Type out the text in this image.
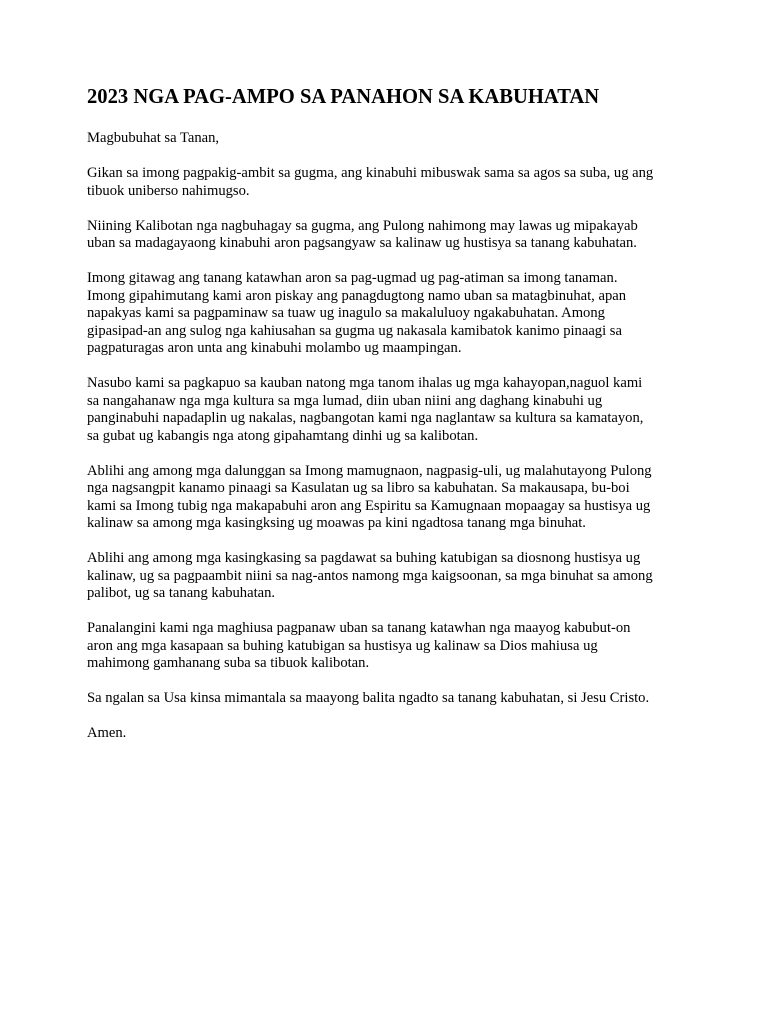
2023 NGA PAG-AMPO SA PANAHON SA KABUHATAN

Magbubuhat sa Tanan,

Gikan sa imong pagpakig-ambit sa gugma, ang kinabuhi mibuswak sama sa agos sa suba, ug ang
tibuok uniberso nahimugso.

Niining Kalibotan nga nagbuhagay sa gugma, ang Pulong nahimong may lawas ug mipakayab
uban sa madagayaong kinabuhi aron pagsangyaw sa kalinaw ug hustisya sa tanang kabuhatan.

Imong gitawag ang tanang katawhan aron sa pag-ugmad ug pag-atiman sa imong tanaman.
Imong gipahimutang kami aron piskay ang panagdugtong namo uban sa matagbinuhat, apan
napakyas kami sa pagpaminaw sa tuaw ug inagulo sa makaluluoy ngakabuhatan. Among
gipasipad-an ang sulog nga kahiusahan sa gugma ug nakasala kamibatok kanimo pinaagi sa
pagpaturagas aron unta ang kinabuhi molambo ug maampingan.

Nasubo kami sa pagkapuo sa kauban natong mga tanom ihalas ug mga kahayopan,naguol kami
sa nangahanaw nga mga kultura sa mga lumad, diin uban niini ang daghang kinabuhi ug
panginabuhi napadaplin ug nakalas, nagbangotan kami nga naglantaw sa kultura sa kamatayon,
sa gubat ug kabangis nga atong gipahamtang dinhi ug sa kalibotan.

Ablihi ang among mga dalunggan sa Imong mamugnaon, nagpasig-uli, ug malahutayong Pulong
nga nagsangpit kanamo pinaagi sa Kasulatan ug sa libro sa kabuhatan. Sa makausapa, bu-boi
kami sa Imong tubig nga makapabuhi aron ang Espiritu sa Kamugnaan mopaagay sa hustisya ug
kalinaw sa among mga kasingksing ug moawas pa kini ngadtosa tanang mga binuhat.

Ablihi ang among mga kasingkasing sa pagdawat sa buhing katubigan sa diosnong hustisya ug
kalinaw, ug sa pagpaambit niini sa nag-antos namong mga kaigsoonan, sa mga binuhat sa among
palibot, ug sa tanang kabuhatan.

Panalangini kami nga maghiusa pagpanaw uban sa tanang katawhan nga maayog kabubut-on
aron ang mga kasapaan sa buhing katubigan sa hustisya ug kalinaw sa Dios mahiusa ug
mahimong gamhanang suba sa tibuok kalibotan.

Sa ngalan sa Usa kinsa mimantala sa maayong balita ngadto sa tanang kabuhatan, si Jesu Cristo.

Amen.
